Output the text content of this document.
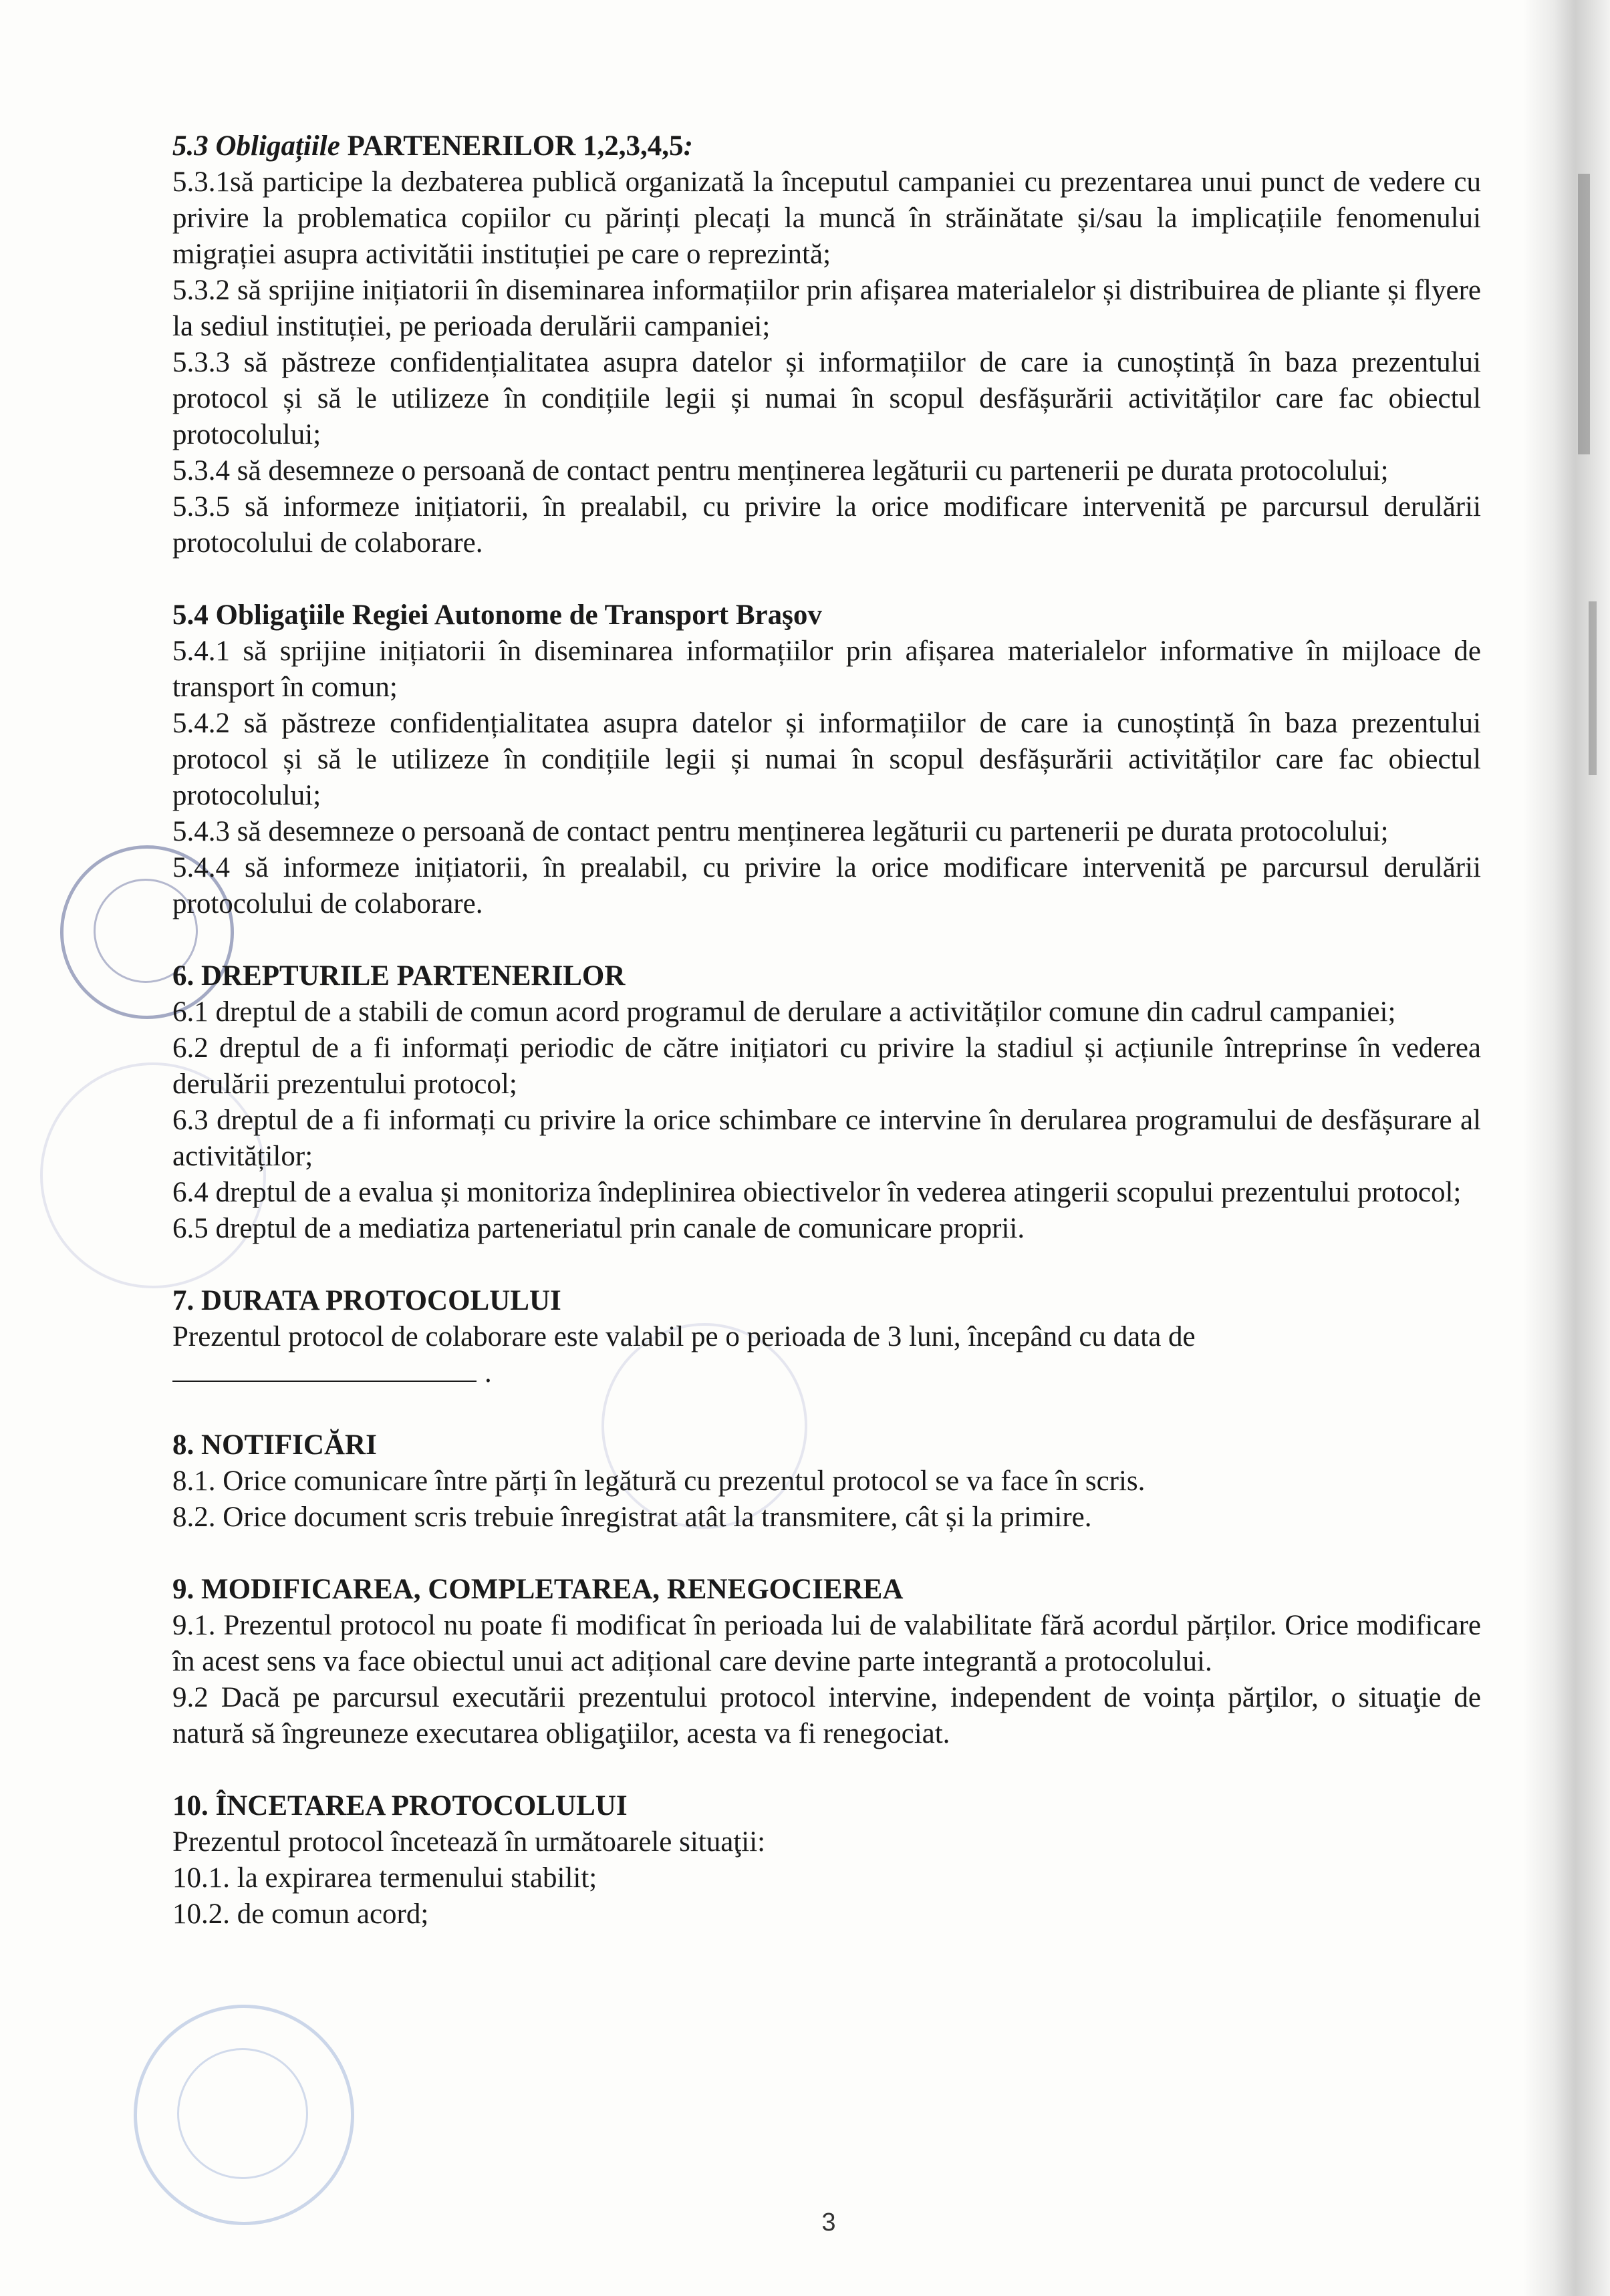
5.3 Obligațiile PARTENERILOR 1,2,3,4,5:

5.3.1să participe la dezbaterea publică organizată la începutul campaniei cu prezentarea unui punct de vedere cu privire la problematica copiilor cu părinți plecați la muncă în străinătate și/sau la implicațiile fenomenului migrației asupra activitătii instituției pe care o reprezintă;

5.3.2 să sprijine inițiatorii în diseminarea informațiilor prin afișarea materialelor și distribuirea de pliante și flyere la sediul instituției, pe perioada derulării campaniei;

5.3.3 să păstreze confidențialitatea asupra datelor și informațiilor de care ia cunoștință în baza prezentului protocol și să le utilizeze în condițiile legii și numai în scopul desfășurării activităților care fac obiectul protocolului;

5.3.4 să desemneze o persoană de contact pentru menținerea legăturii cu partenerii pe durata protocolului;

5.3.5 să informeze inițiatorii, în prealabil, cu privire la orice modificare intervenită pe parcursul derulării protocolului de colaborare.

5.4 Obligaţiile Regiei Autonome de Transport Braşov

5.4.1 să sprijine inițiatorii în diseminarea informațiilor prin afișarea materialelor informative în mijloace de transport în comun;

5.4.2 să păstreze confidențialitatea asupra datelor și informațiilor de care ia cunoștință în baza prezentului protocol și să le utilizeze în condițiile legii și numai în scopul desfășurării activităților care fac obiectul protocolului;

5.4.3 să desemneze o persoană de contact pentru menținerea legăturii cu partenerii pe durata protocolului;

5.4.4 să informeze inițiatorii, în prealabil, cu privire la orice modificare intervenită pe parcursul derulării protocolului de colaborare.

6. DREPTURILE PARTENERILOR

6.1 dreptul de a stabili de comun acord programul de derulare a activităților comune din cadrul campaniei;

6.2 dreptul de a fi informați periodic de către inițiatori cu privire la stadiul și acțiunile întreprinse în vederea derulării prezentului protocol;

6.3 dreptul de a fi informați cu privire la orice schimbare ce intervine în derularea programului de desfășurare al activităților;

6.4 dreptul de a evalua și monitoriza îndeplinirea obiectivelor în vederea atingerii scopului prezentului protocol;

6.5 dreptul de a mediatiza parteneriatul prin canale de comunicare proprii.

7. DURATA PROTOCOLULUI

Prezentul protocol de colaborare este valabil pe o perioada de 3 luni, începând cu data de

.

8. NOTIFICĂRI

8.1. Orice comunicare între părți în legătură cu prezentul protocol se va face în scris.

8.2. Orice document scris trebuie înregistrat atât la transmitere, cât și la primire.

9. MODIFICAREA, COMPLETAREA, RENEGOCIEREA

9.1. Prezentul protocol nu poate fi modificat în perioada lui de valabilitate fără acordul părților. Orice modificare în acest sens va face obiectul unui act adițional care devine parte integrantă a protocolului.

9.2 Dacă pe parcursul executării prezentului protocol intervine, independent de voința părţilor, o situaţie de natură să îngreuneze executarea obligaţiilor, acesta va fi renegociat.

10. ÎNCETAREA PROTOCOLULUI

Prezentul protocol încetează în următoarele situaţii:

10.1. la expirarea termenului stabilit;

10.2. de comun acord;

3
